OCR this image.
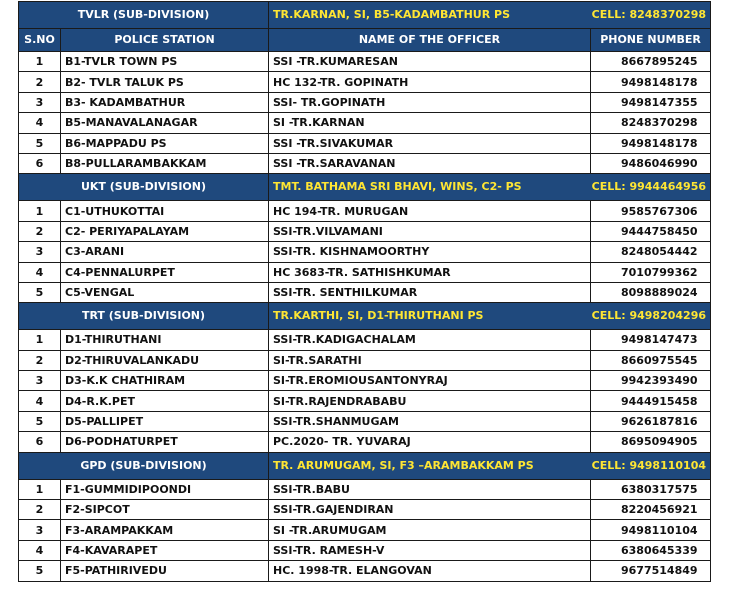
TVLR (SUB-DIVISION)		TR.KARNAN, SI, B5-KADAMBATHUR PS CELL: 8248370298	

S.NO	POLICE STATION	NAME OF THE OFFICER	PHONE NUMBER
1	B1-TVLR TOWN PS	SSI -TR.KUMARESAN	8667895245
2	B2- TVLR TALUK PS	HC 132-TR. GOPINATH	9498148178
3	B3- KADAMBATHUR	SSI- TR.GOPINATH	9498147355
4	B5-MANAVALANAGAR	SI -TR.KARNAN	8248370298
5	B6-MAPPADU PS	SSI -TR.SIVAKUMAR	9498148178
6	B8-PULLARAMBAKKAM	SSI -TR.SARAVANAN	9486046990
UKT (SUB-DIVISION)		TMT. BATHAMA SRI BHAVI, WINS, C2- PS CELL: 9944464956	

1	C1-UTHUKOTTAI	HC 194-TR. MURUGAN	9585767306
2	C2- PERIYAPALAYAM	SSI-TR.VILVAMANI	9444758450
3	C3-ARANI	SSI-TR. KISHNAMOORTHY	8248054442
4	C4-PENNALURPET	HC 3683-TR. SATHISHKUMAR	7010799362
5	C5-VENGAL	SSI-TR. SENTHILKUMAR	8098889024
TRT (SUB-DIVISION)		TR.KARTHI, SI, D1-THIRUTHANI PS CELL: 9498204296	

1	D1-THIRUTHANI	SSI-TR.KADIGACHALAM	9498147473
2	D2-THIRUVALANKADU	SI-TR.SARATHI	8660975545
3	D3-K.K CHATHIRAM	SI-TR.EROMIOUSANTONYRAJ	9942393490
4	D4-R.K.PET	SI-TR.RAJENDRABABU	9444915458
5	D5-PALLIPET	SSI-TR.SHANMUGAM	9626187816
6	D6-PODHATURPET	PC.2020- TR. YUVARAJ	8695094905
GPD (SUB-DIVISION)		TR. ARUMUGAM, SI, F3 –ARAMBAKKAM PS CELL: 9498110104	

1	F1-GUMMIDIPOONDI	SSI-TR.BABU	6380317575
2	F2-SIPCOT	SSI-TR.GAJENDIRAN	8220456921
3	F3-ARAMPAKKAM	SI -TR.ARUMUGAM	9498110104
4	F4-KAVARAPET	SSI-TR. RAMESH-V	6380645339
5	F5-PATHIRIVEDU	HC. 1998-TR. ELANGOVAN	9677514849
